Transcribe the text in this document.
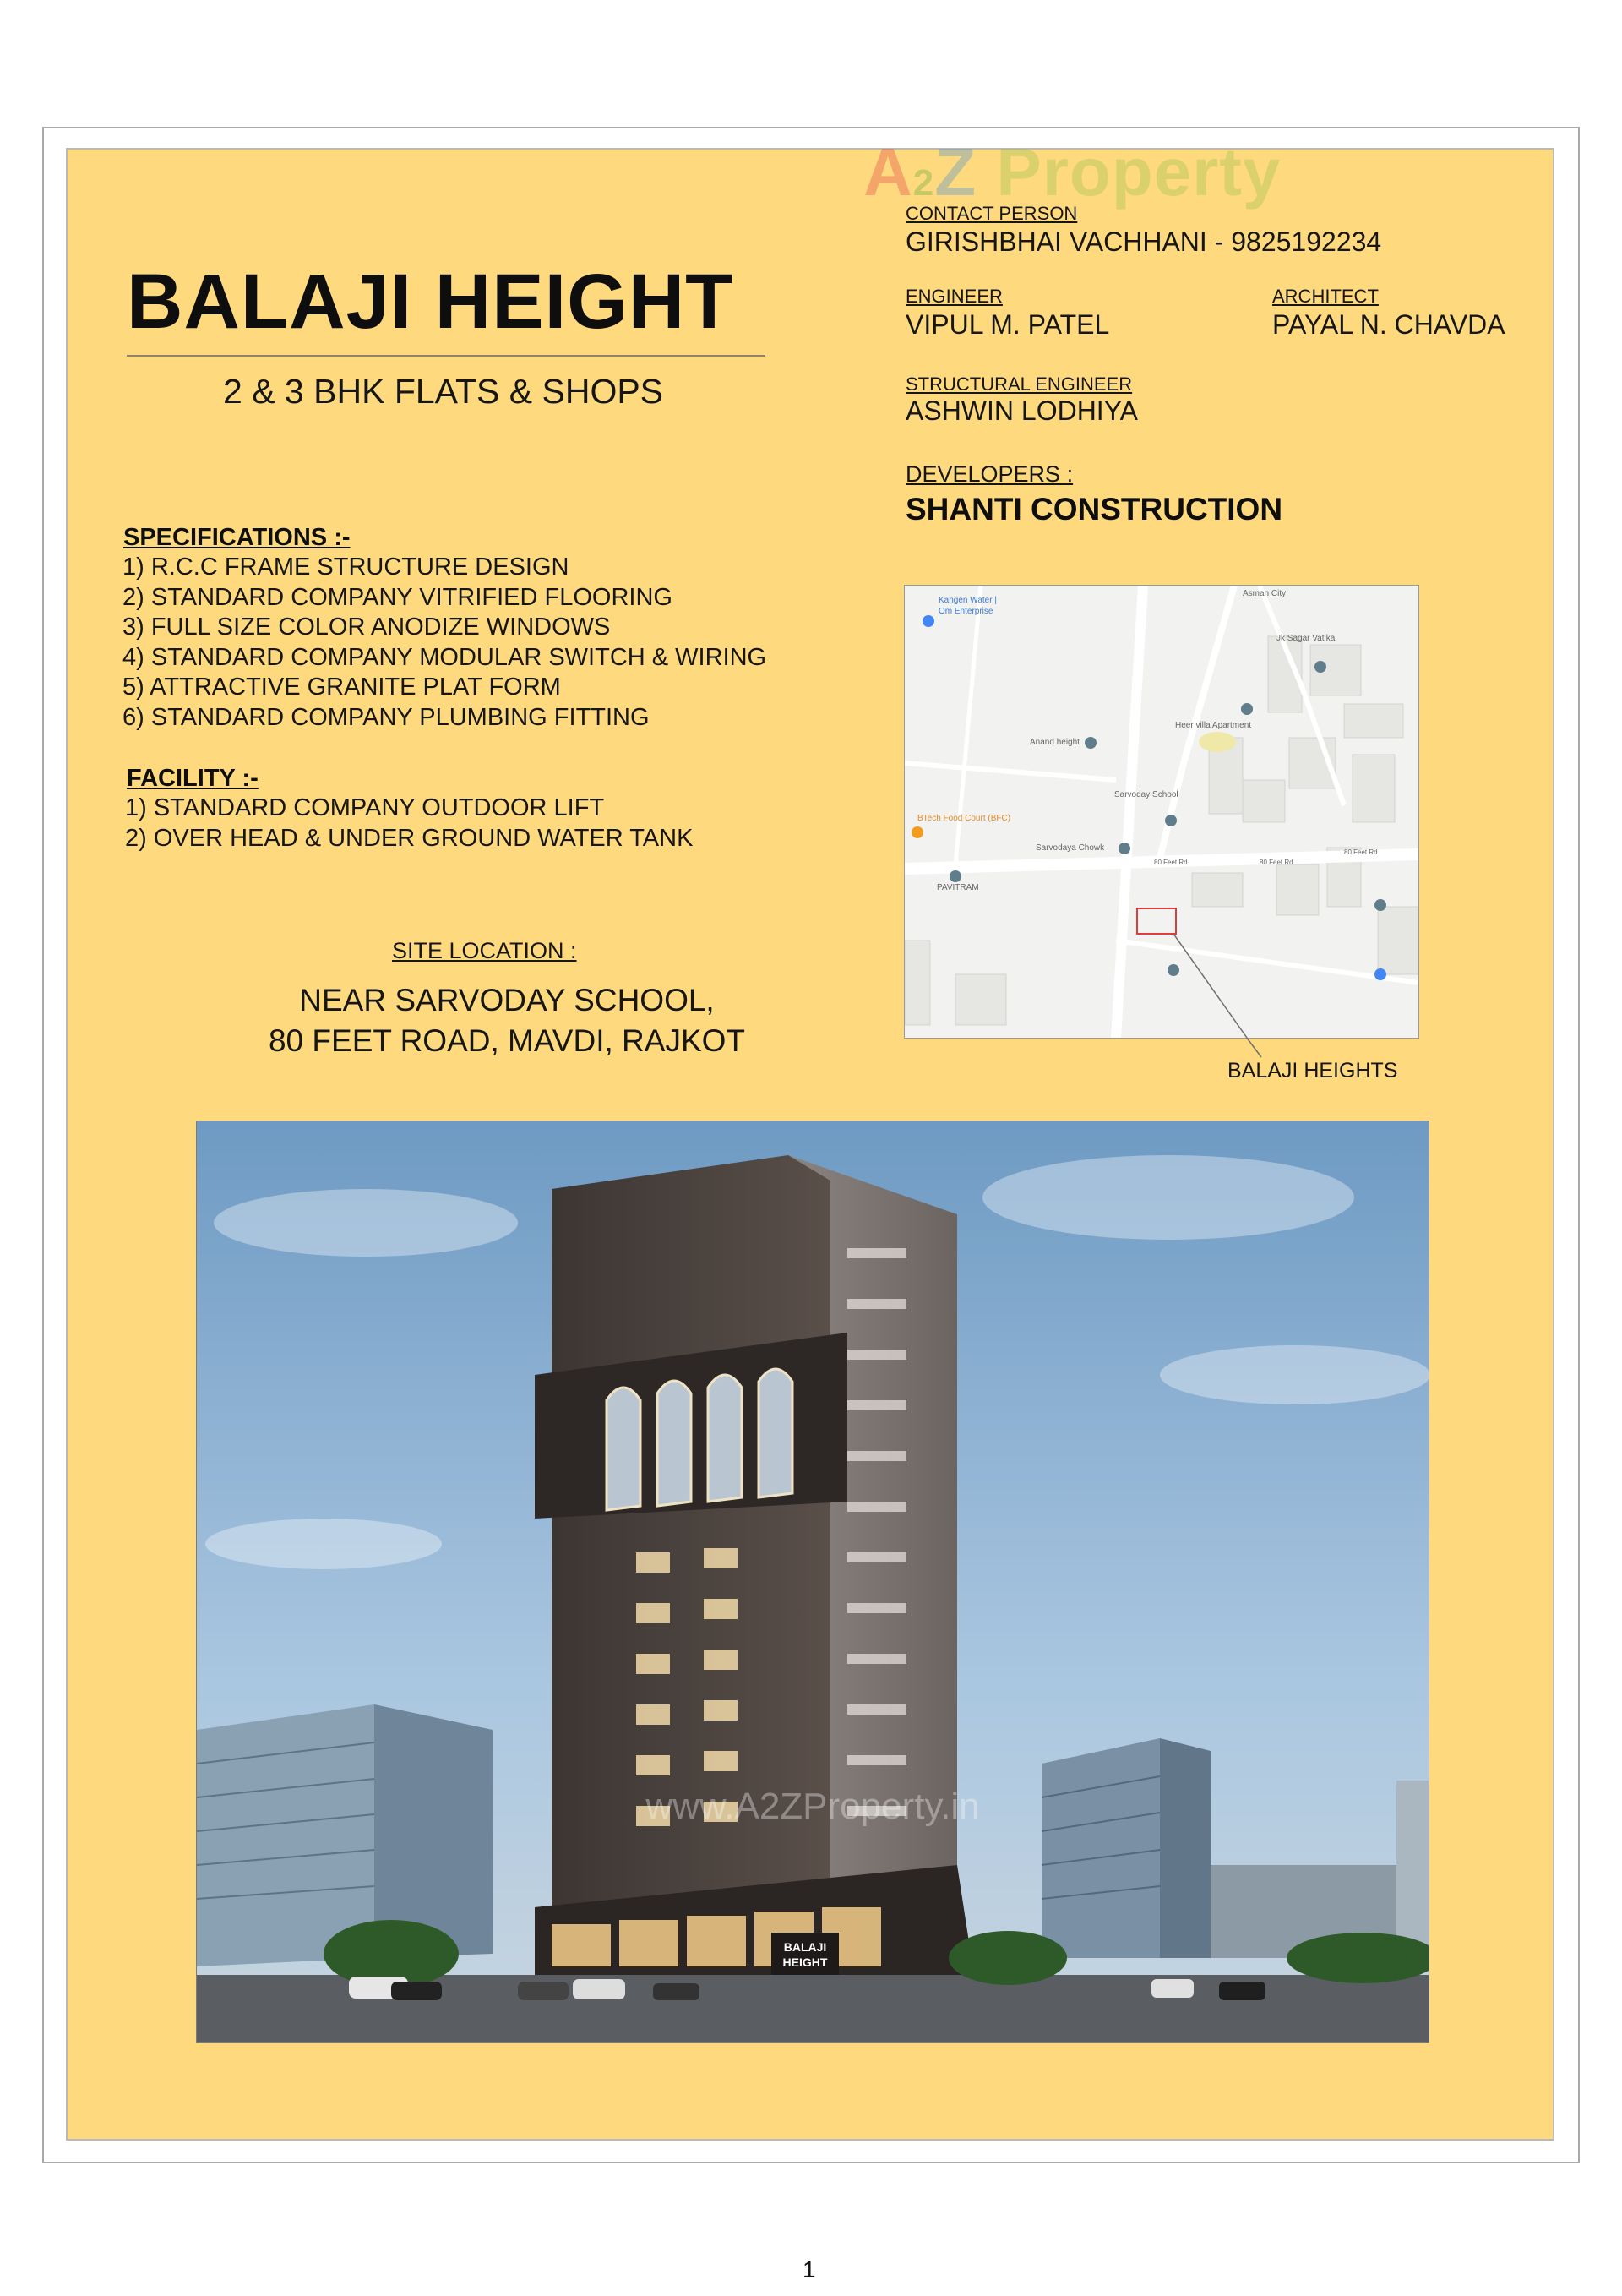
A2Z Property
BALAJI HEIGHT
2 & 3 BHK FLATS & SHOPS
CONTACT PERSON
GIRISHBHAI VACHHANI - 9825192234
ENGINEER
VIPUL M. PATEL
ARCHITECT
PAYAL N. CHAVDA
STRUCTURAL ENGINEER
ASHWIN LODHIYA
DEVELOPERS :
SHANTI CONSTRUCTION
SPECIFICATIONS :-
1) R.C.C FRAME STRUCTURE DESIGN
2) STANDARD COMPANY VITRIFIED FLOORING
3) FULL SIZE COLOR ANODIZE WINDOWS
4) STANDARD COMPANY MODULAR SWITCH & WIRING
5) ATTRACTIVE GRANITE PLAT FORM
6) STANDARD COMPANY PLUMBING FITTING
FACILITY :-
1) STANDARD COMPANY OUTDOOR LIFT
2) OVER HEAD & UNDER GROUND WATER TANK
SITE LOCATION :
NEAR SARVODAY SCHOOL,
80 FEET ROAD, MAVDI, RAJKOT
Asman City
Kangen Water |
Om Enterprise
Jk Sagar Vatika
Heer villa Apartment
Anand height
Sarvoday School
BTech Food Court (BFC)
Sarvodaya Chowk
80 Feet Rd	80 Feet Rd
80 Feet Rd
PAVITRAM
BALAJI HEIGHTS
BALAJI
HEIGHT
www.A2ZProperty.in
1
